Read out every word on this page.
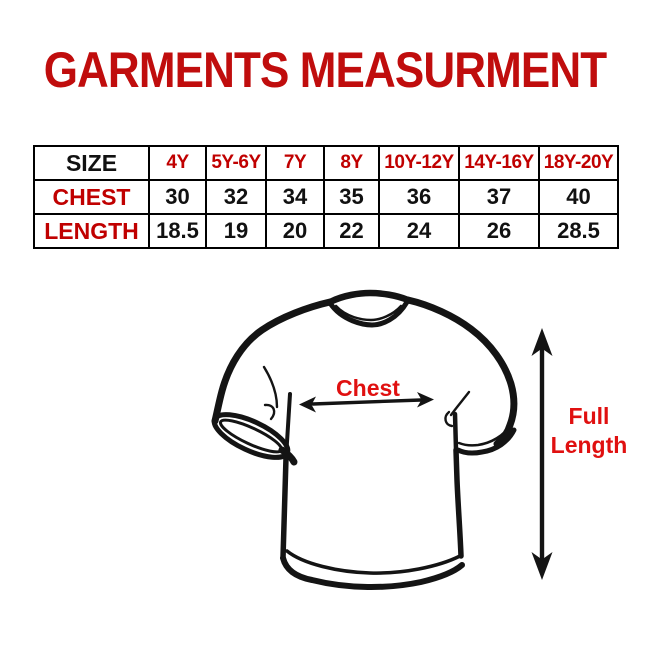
GARMENTS MEASURMENT
SIZE	4Y	5Y-6Y	7Y	8Y	10Y-12Y	14Y-16Y	18Y-20Y
CHEST	30	32	34	35	36	37	40
LENGTH	18.5	19	20	22	24	26	28.5
Chest
Full
Length
